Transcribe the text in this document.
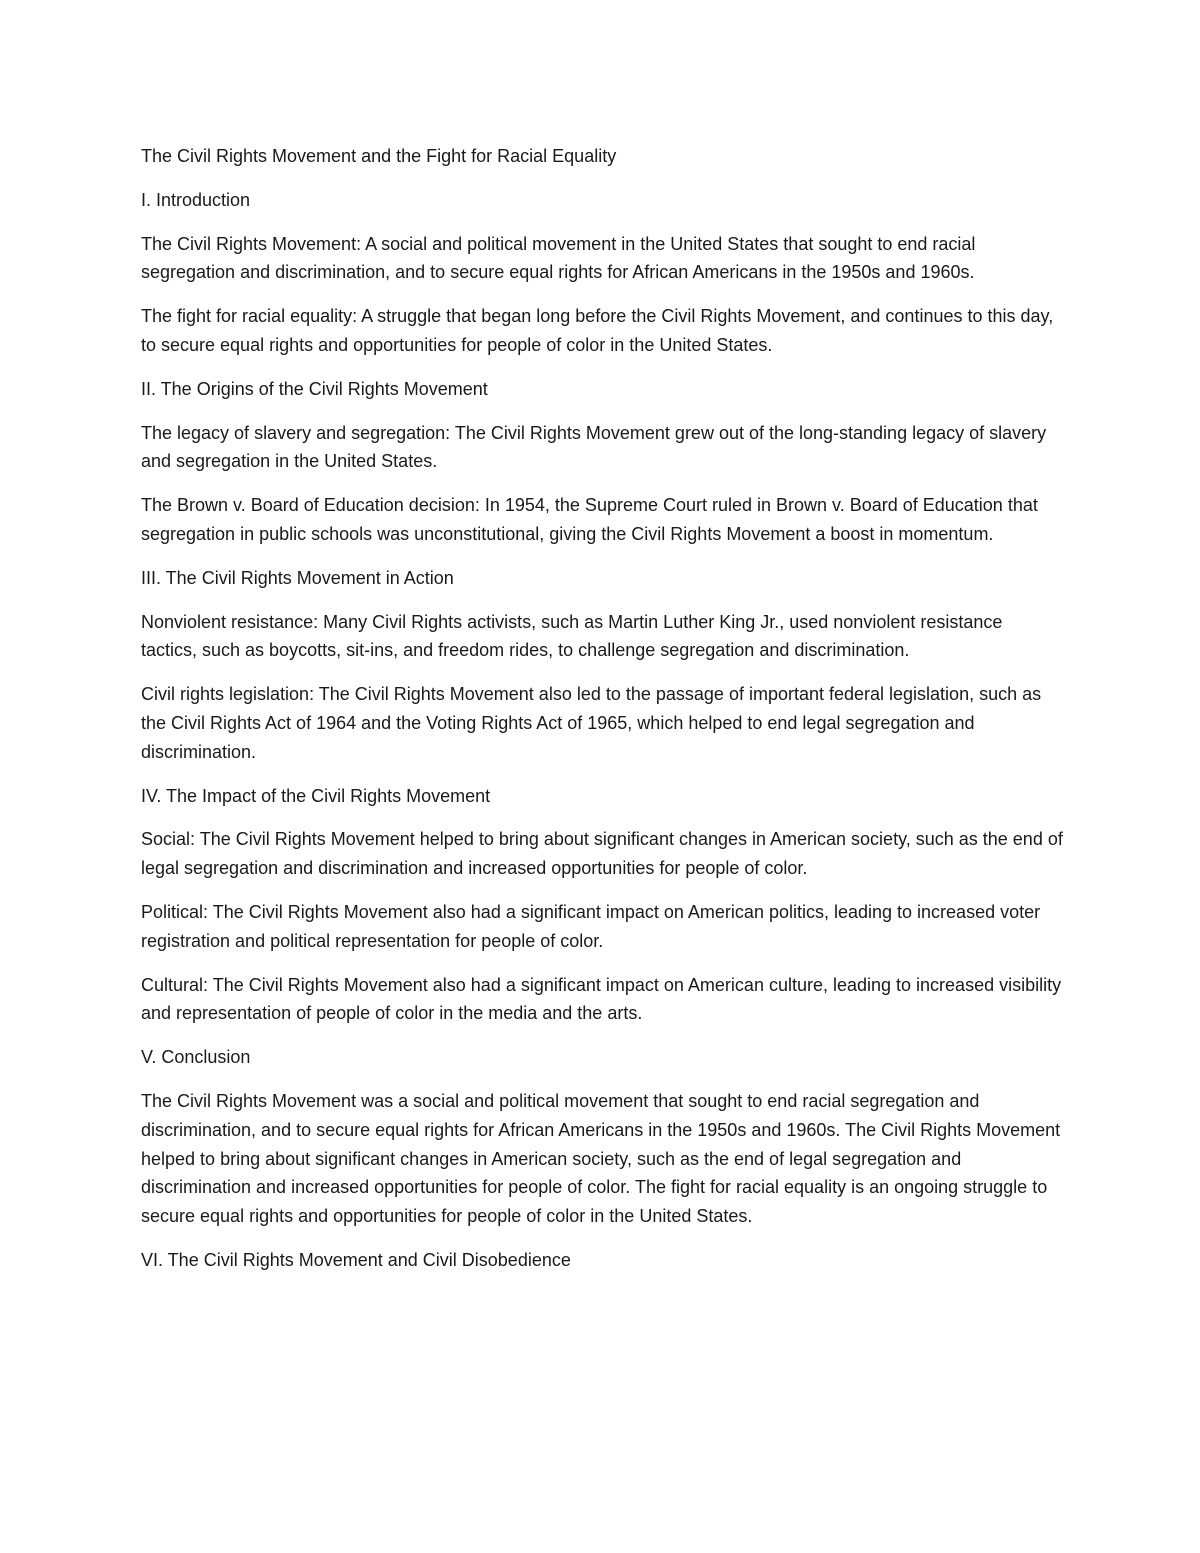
The Civil Rights Movement and the Fight for Racial Equality

I. Introduction

The Civil Rights Movement: A social and political movement in the United States that sought to end racial segregation and discrimination, and to secure equal rights for African Americans in the 1950s and 1960s.

The fight for racial equality: A struggle that began long before the Civil Rights Movement, and continues to this day, to secure equal rights and opportunities for people of color in the United States.

II. The Origins of the Civil Rights Movement

The legacy of slavery and segregation: The Civil Rights Movement grew out of the long-standing legacy of slavery and segregation in the United States.

The Brown v. Board of Education decision: In 1954, the Supreme Court ruled in Brown v. Board of Education that segregation in public schools was unconstitutional, giving the Civil Rights Movement a boost in momentum.

III. The Civil Rights Movement in Action

Nonviolent resistance: Many Civil Rights activists, such as Martin Luther King Jr., used nonviolent resistance tactics, such as boycotts, sit-ins, and freedom rides, to challenge segregation and discrimination.

Civil rights legislation: The Civil Rights Movement also led to the passage of important federal legislation, such as the Civil Rights Act of 1964 and the Voting Rights Act of 1965, which helped to end legal segregation and discrimination.

IV. The Impact of the Civil Rights Movement

Social: The Civil Rights Movement helped to bring about significant changes in American society, such as the end of legal segregation and discrimination and increased opportunities for people of color.

Political: The Civil Rights Movement also had a significant impact on American politics, leading to increased voter registration and political representation for people of color.

Cultural: The Civil Rights Movement also had a significant impact on American culture, leading to increased visibility and representation of people of color in the media and the arts.

V. Conclusion

The Civil Rights Movement was a social and political movement that sought to end racial segregation and discrimination, and to secure equal rights for African Americans in the 1950s and 1960s. The Civil Rights Movement helped to bring about significant changes in American society, such as the end of legal segregation and discrimination and increased opportunities for people of color. The fight for racial equality is an ongoing struggle to secure equal rights and opportunities for people of color in the United States.

VI. The Civil Rights Movement and Civil Disobedience
